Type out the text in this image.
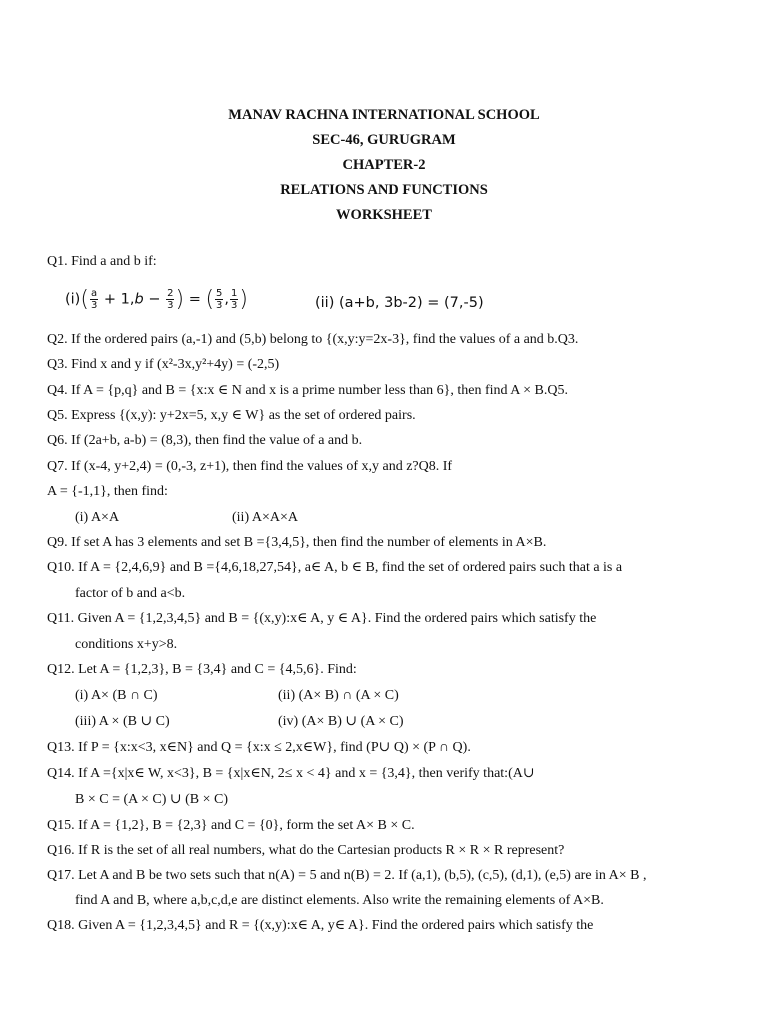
MANAV RACHNA INTERNATIONAL SCHOOL
SEC-46, GURUGRAM
CHAPTER-2
RELATIONS AND FUNCTIONS
WORKSHEET
Q1. Find a and b if:
$(i)( \frac{a}{3} + 1,b - \frac{2}{3}$ ) = ( $\frac{5}{3}$ , $\frac{1}{3}$ )	(ii) (a+b, 3b-2) = (7,-5)
Q2. If the ordered pairs (a,-1) and (5,b) belong to {(x,y:y=2x-3}, find the values of a and b.Q3.
Q3. Find x and y if (x²-3x,y²+4y) = (-2,5)
Q4. If A = {p,q} and B = {x:x ∈ N and x is a prime number less than 6}, then find A × B.Q5.
Q5. Express {(x,y): y+2x=5, x,y ∈ W} as the set of ordered pairs.
Q6. If (2a+b, a-b) = (8,3), then find the value of a and b.
Q7. If (x-4, y+2,4) = (0,-3, z+1), then find the values of x,y and z?Q8. If
A = {-1,1}, then find:
(i) A×A	(ii) A×A×A
Q9. If set A has 3 elements and set B ={3,4,5}, then find the number of elements in A×B.
Q10. If A = {2,4,6,9} and B ={4,6,18,27,54}, a∈ A, b ∈ B, find the set of ordered pairs such that a is a
factor of b and a<b.
Q11. Given A = {1,2,3,4,5} and B = {(x,y):x∈ A, y ∈ A}. Find the ordered pairs which satisfy the
conditions x+y>8.
Q12. Let A = {1,2,3}, B = {3,4} and C = {4,5,6}. Find:
(i) A× (B ∩ C)	(ii) (A× B) ∩ (A × C)
(iii) A × (B ∪ C)	(iv) (A× B) ∪ (A × C)
Q13. If P = {x:x<3, x∈N} and Q = {x:x ≤ 2,x∈W}, find (P∪ Q) × (P ∩ Q).
Q14. If A ={x|x∈ W, x<3}, B = {x|x∈N, 2≤ x < 4} and x = {3,4}, then verify that:(A∪
B × C = (A × C) ∪ (B × C)
Q15. If A = {1,2}, B = {2,3} and C = {0}, form the set A× B × C.
Q16. If R is the set of all real numbers, what do the Cartesian products R × R × R represent?
Q17. Let A and B be two sets such that n(A) = 5 and n(B) = 2. If (a,1), (b,5), (c,5), (d,1), (e,5) are in A× B ,
find A and B, where a,b,c,d,e are distinct elements. Also write the remaining elements of A×B.
Q18. Given A = {1,2,3,4,5} and R = {(x,y):x∈ A, y∈ A}. Find the ordered pairs which satisfy the
